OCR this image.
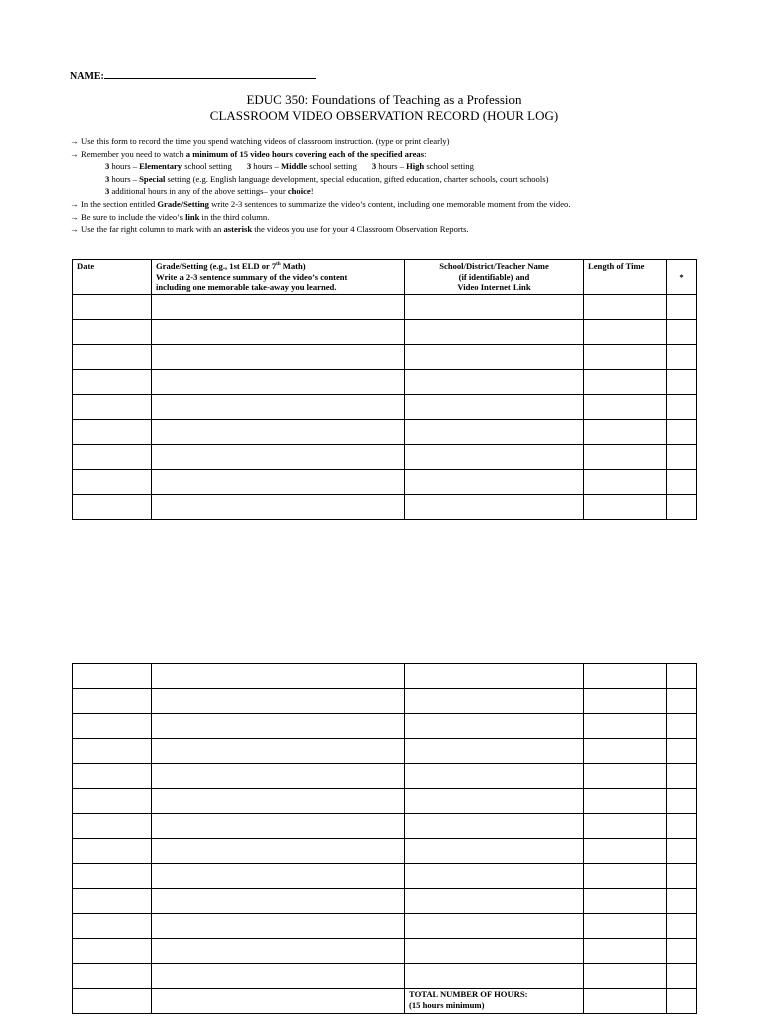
NAME:
EDUC 350: Foundations of Teaching as a Profession
CLASSROOM VIDEO OBSERVATION RECORD (HOUR LOG)
→ Use this form to record the time you spend watching videos of classroom instruction. (type or print clearly)
→ Remember you need to watch a minimum of 15 video hours covering each of the specified areas:
3 hours – Elementary school setting 3 hours – Middle school setting 3 hours – High school setting
3 hours – Special setting (e.g. English language development, special education, gifted education, charter schools, court schools)
3 additional hours in any of the above settings– your choice!
→ In the section entitled Grade/Setting write 2-3 sentences to summarize the video’s content, including one memorable moment from the video.
→ Be sure to include the video’s link in the third column.
→ Use the far right column to mark with an asterisk the videos you use for your 4 Classroom Observation Reports.
Date	Grade/Setting (e.g., 1st ELD or 7th Math)
Write a 2-3 sentence summary of the video’s content
including one memorable take-away you learned.	School/District/Teacher Name
(if identifiable) and
Video Internet Link	Length of Time	*

		TOTAL NUMBER OF HOURS:
(15 hours minimum)		
